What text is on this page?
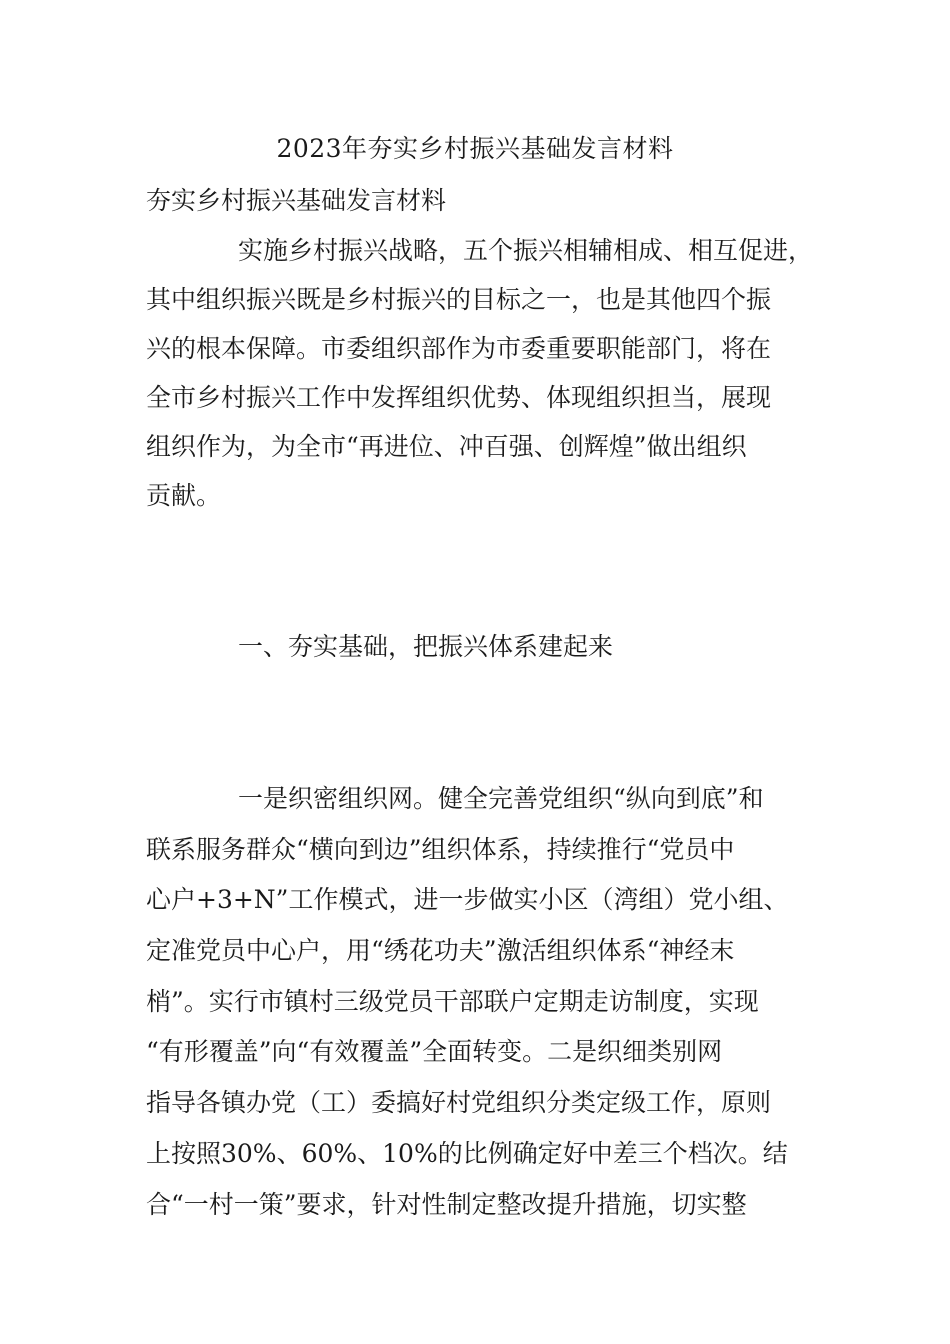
2023年夯实乡村振兴基础发言材料
夯实乡村振兴基础发言材料
实施乡村振兴战略，五个振兴相辅相成、相互促进，
其中组织振兴既是乡村振兴的目标之一，也是其他四个振
兴的根本保障。市委组织部作为市委重要职能部门，将在
全市乡村振兴工作中发挥组织优势、体现组织担当，展现
组织作为，为全市“再进位、冲百强、创辉煌”做出组织
贡献。
一、夯实基础，把振兴体系建起来
一是织密组织网。健全完善党组织“纵向到底”和
联系服务群众“横向到边”组织体系，持续推行“党员中
心户+3+N”工作模式，进一步做实小区（湾组）党小组、
定准党员中心户，用“绣花功夫”激活组织体系“神经末
梢”。实行市镇村三级党员干部联户定期走访制度，实现
“有形覆盖”向“有效覆盖”全面转变。二是织细类别网
指导各镇办党（工）委搞好村党组织分类定级工作，原则
上按照30%、60%、10%的比例确定好中差三个档次。结
合“一村一策”要求，针对性制定整改提升措施，切实整
